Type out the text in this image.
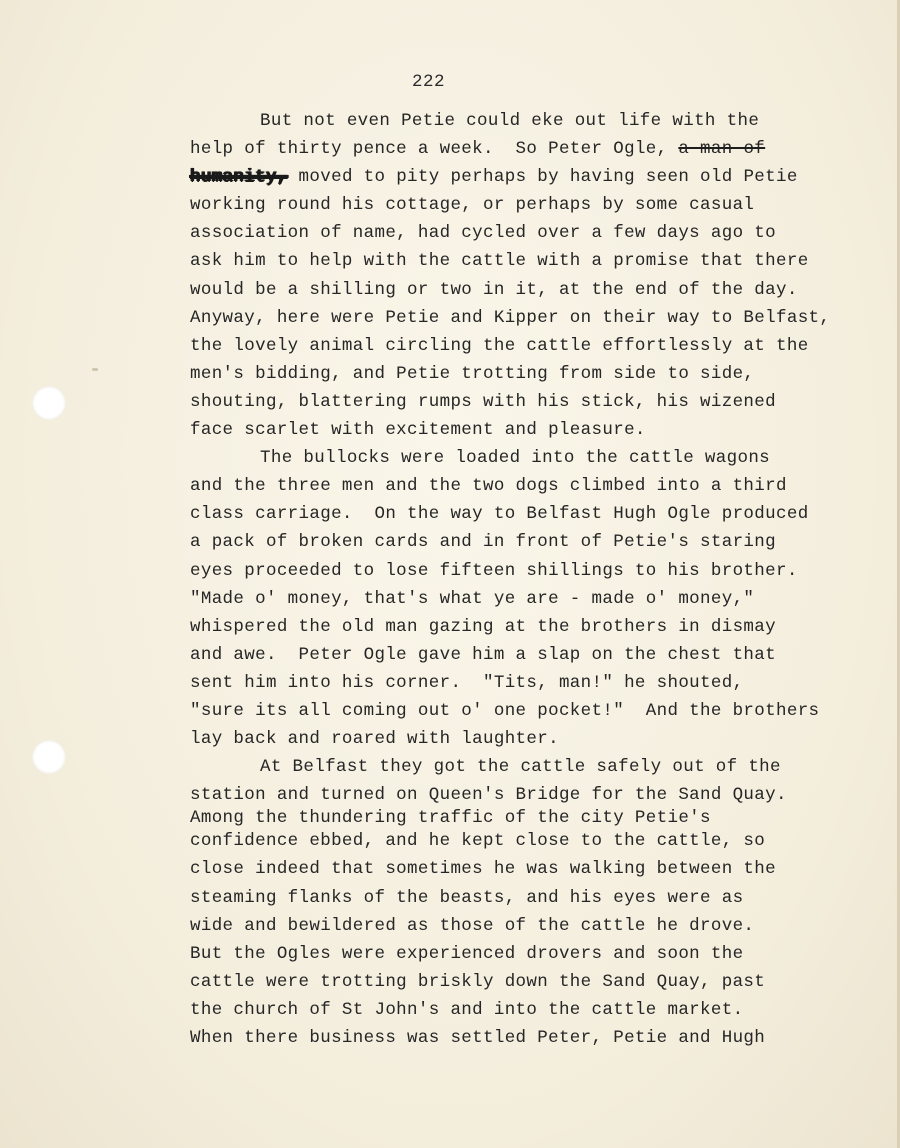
222
But not even Petie could eke out life with the
help of thirty pence a week.  So Peter Ogle, a man of
humanity, moved to pity perhaps by having seen old Petie
working round his cottage, or perhaps by some casual
association of name, had cycled over a few days ago to
ask him to help with the cattle with a promise that there
would be a shilling or two in it, at the end of the day.
Anyway, here were Petie and Kipper on their way to Belfast,
the lovely animal circling the cattle effortlessly at the
men's bidding, and Petie trotting from side to side,
shouting, blattering rumps with his stick, his wizened
face scarlet with excitement and pleasure.
The bullocks were loaded into the cattle wagons
and the three men and the two dogs climbed into a third
class carriage.  On the way to Belfast Hugh Ogle produced
a pack of broken cards and in front of Petie's staring
eyes proceeded to lose fifteen shillings to his brother.
"Made o' money, that's what ye are - made o' money,"
whispered the old man gazing at the brothers in dismay
and awe.  Peter Ogle gave him a slap on the chest that
sent him into his corner.  "Tits, man!" he shouted,
"sure its all coming out o' one pocket!"  And the brothers
lay back and roared with laughter.
At Belfast they got the cattle safely out of the
station and turned on Queen's Bridge for the Sand Quay.
Among the thundering traffic of the city Petie's
confidence ebbed, and he kept close to the cattle, so
close indeed that sometimes he was walking between the
steaming flanks of the beasts, and his eyes were as
wide and bewildered as those of the cattle he drove.
But the Ogles were experienced drovers and soon the
cattle were trotting briskly down the Sand Quay, past
the church of St John's and into the cattle market.
When there business was settled Peter, Petie and Hugh
